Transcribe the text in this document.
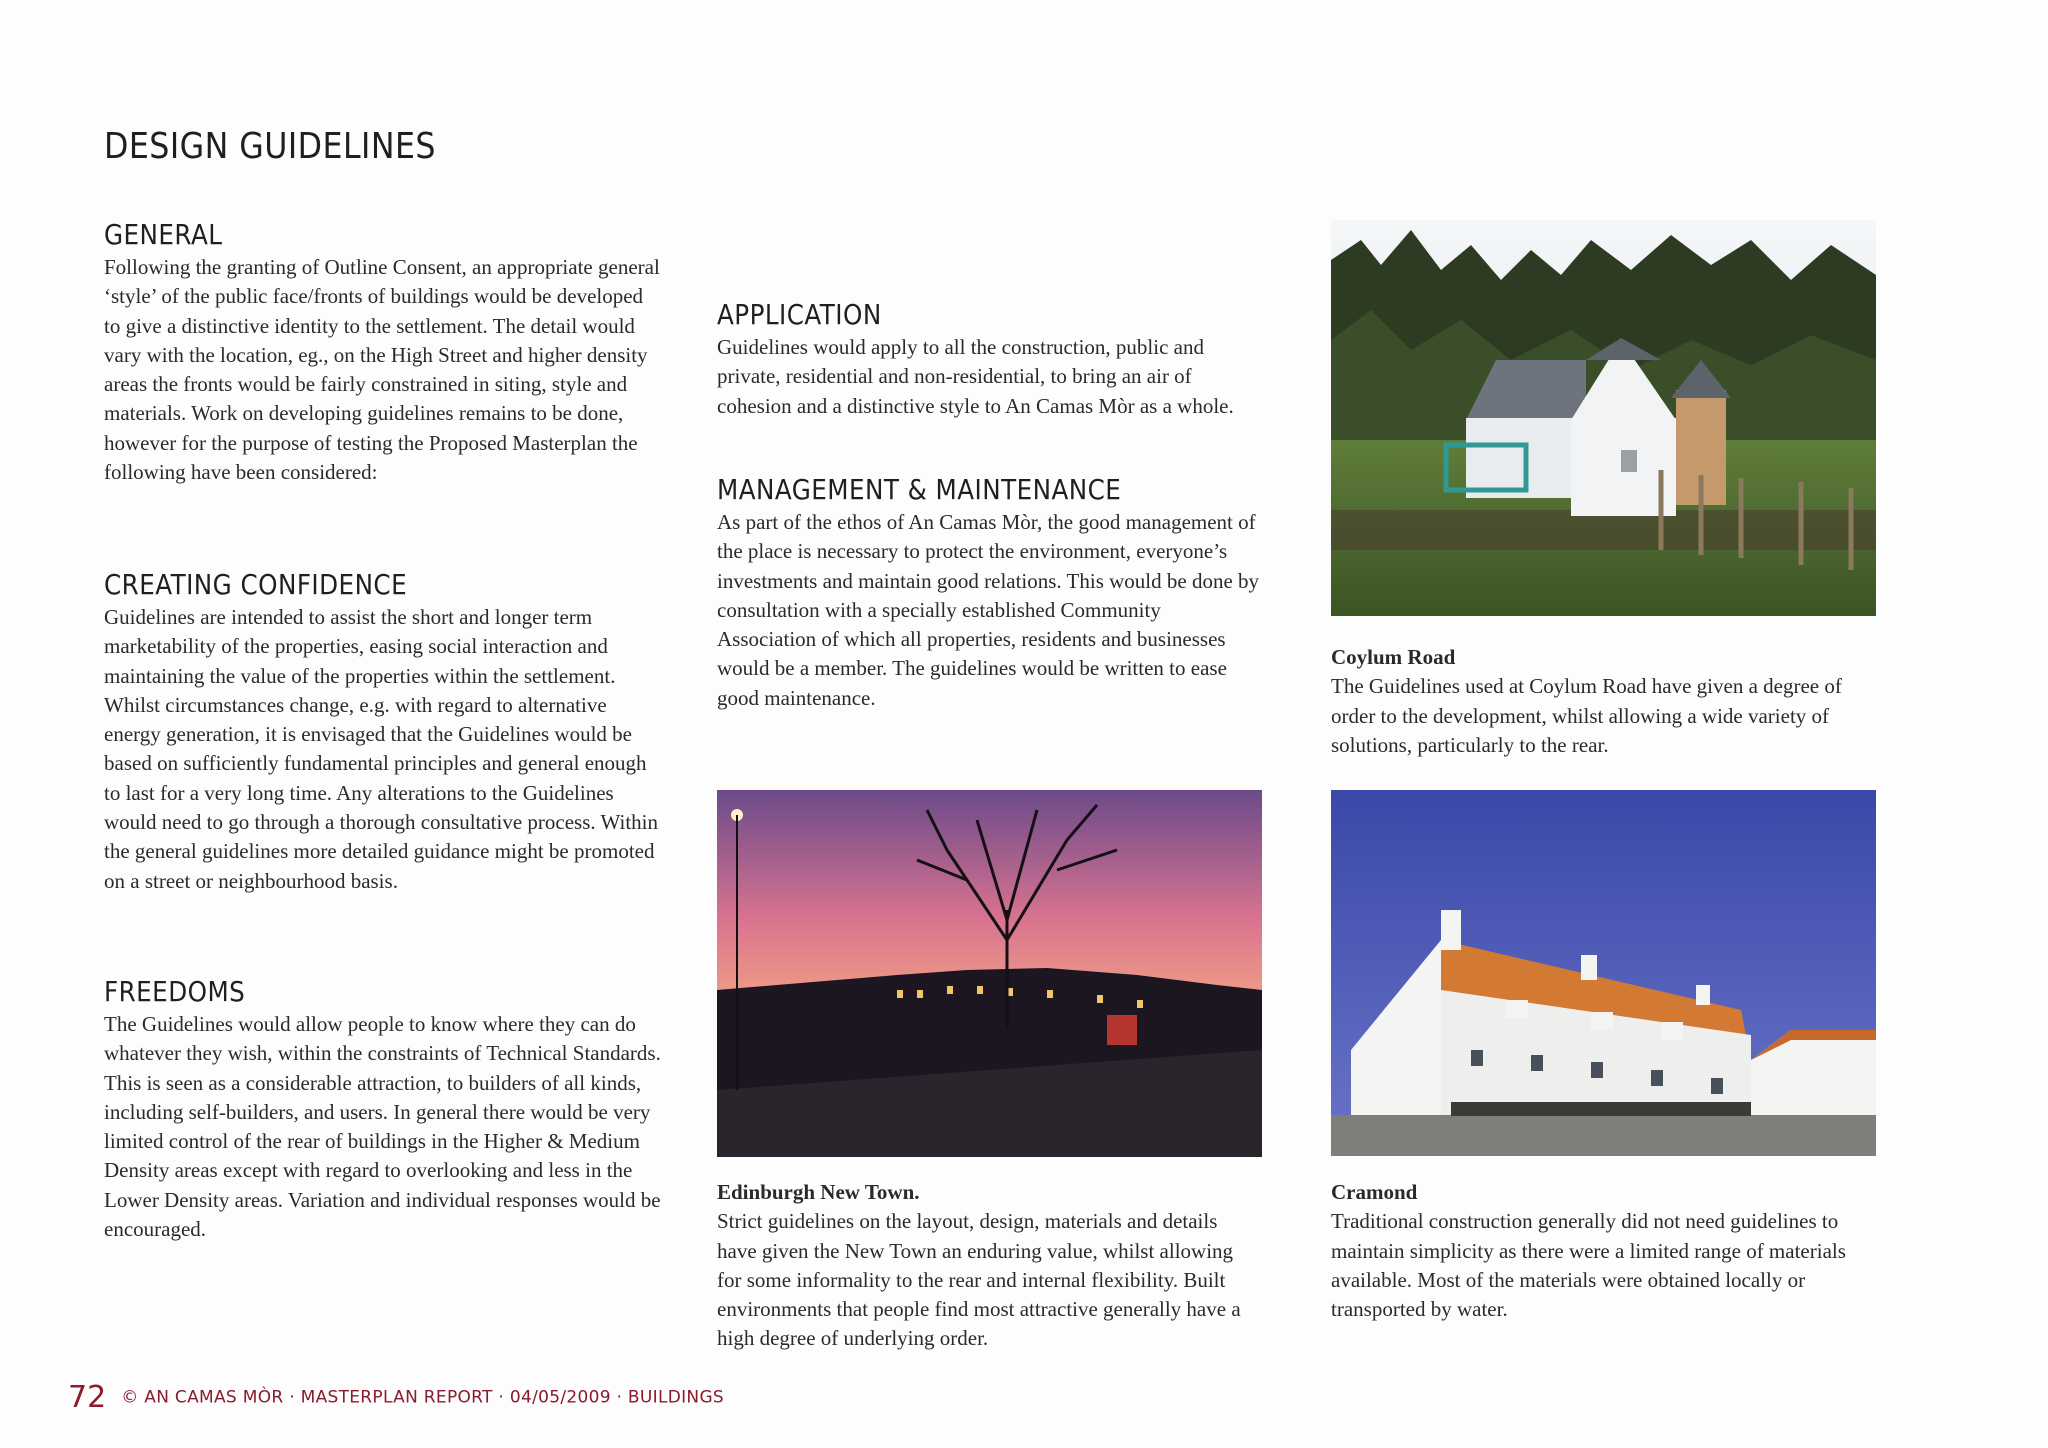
DESIGN GUIDELINES
GENERAL

Following the granting of Outline Consent, an appropriate general ‘style’ of the public face/fronts of buildings would be developed to give a distinctive identity to the settlement. The detail would vary with the location, eg., on the High Street and higher density areas the fronts would be fairly constrained in siting, style and materials. Work on developing guidelines remains to be done, however for the purpose of testing the Proposed Masterplan the following have been considered:

CREATING CONFIDENCE

Guidelines are intended to assist the short and longer term marketability of the properties, easing social interaction and maintaining the value of the properties within the settlement. Whilst circumstances change, e.g. with regard to alternative energy generation, it is envisaged that the Guidelines would be based on sufficiently fundamental principles and general enough to last for a very long time. Any alterations to the Guidelines would need to go through a thorough consultative process. Within the general guidelines more detailed guidance might be promoted on a street or neighbourhood basis.

FREEDOMS

The Guidelines would allow people to know where they can do whatever they wish, within the constraints of Technical Standards. This is seen as a considerable attraction, to builders of all kinds, including self-builders, and users. In general there would be very limited control of the rear of buildings in the Higher & Medium Density areas except with regard to overlooking and less in the Lower Density areas. Variation and individual responses would be encouraged.

APPLICATION

Guidelines would apply to all the construction, public and private, residential and non-residential, to bring an air of cohesion and a distinctive style to An Camas Mòr as a whole.

MANAGEMENT & MAINTENANCE

As part of the ethos of An Camas Mòr, the good management of the place is necessary to protect the environment, everyone’s investments and maintain good relations. This would be done by consultation with a specially established Community Association of which all properties, residents and businesses would be a member. The guidelines would be written to ease good maintenance.

Coylum Road
The Guidelines used at Coylum Road have given a degree of order to the development, whilst allowing a wide variety of solutions, particularly to the rear.
Edinburgh New Town.
Strict guidelines on the layout, design, materials and details have given the New Town an enduring value, whilst allowing for some informality to the rear and internal flexibility. Built environments that people find most attractive generally have a high degree of underlying order.
Cramond
Traditional construction generally did not need guidelines to maintain simplicity as there were a limited range of materials available. Most of the materials were obtained locally or transported by water.
72 © AN CAMAS MÒR · MASTERPLAN REPORT · 04/05/2009 · BUILDINGS
